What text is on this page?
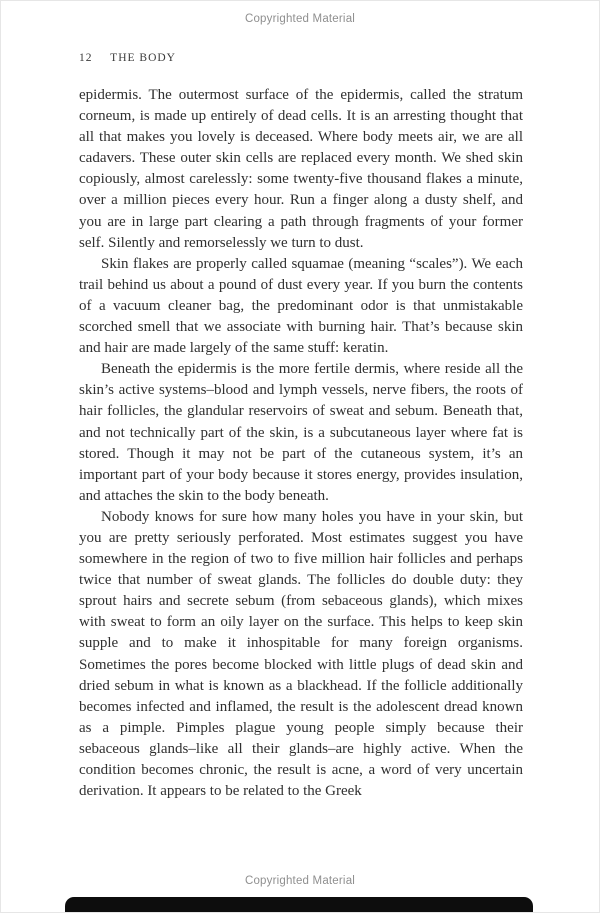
Copyrighted Material
12 THE BODY

epidermis. The outermost surface of the epidermis, called the stratum corneum, is made up entirely of dead cells. It is an arresting thought that all that makes you lovely is deceased. Where body meets air, we are all cadavers. These outer skin cells are replaced every month. We shed skin copiously, almost carelessly: some twenty-five thousand flakes a minute, over a million pieces every hour. Run a finger along a dusty shelf, and you are in large part clearing a path through fragments of your former self. Silently and remorselessly we turn to dust.

Skin flakes are properly called squamae (meaning “scales”). We each trail behind us about a pound of dust every year. If you burn the contents of a vacuum cleaner bag, the predominant odor is that unmistakable scorched smell that we associate with burning hair. That’s because skin and hair are made largely of the same stuff: keratin.

Beneath the epidermis is the more fertile dermis, where reside all the skin’s active systems–blood and lymph vessels, nerve fibers, the roots of hair follicles, the glandular reservoirs of sweat and sebum. Beneath that, and not technically part of the skin, is a subcutaneous layer where fat is stored. Though it may not be part of the cutaneous system, it’s an important part of your body because it stores energy, provides insulation, and attaches the skin to the body beneath.

Nobody knows for sure how many holes you have in your skin, but you are pretty seriously perforated. Most estimates suggest you have somewhere in the region of two to five million hair follicles and perhaps twice that number of sweat glands. The follicles do double duty: they sprout hairs and secrete sebum (from sebaceous glands), which mixes with sweat to form an oily layer on the surface. This helps to keep skin supple and to make it inhospitable for many foreign organisms. Sometimes the pores become blocked with little plugs of dead skin and dried sebum in what is known as a blackhead. If the follicle additionally becomes infected and inflamed, the result is the adolescent dread known as a pimple. Pimples plague young people simply because their sebaceous glands–like all their glands–are highly active. When the condition becomes chronic, the result is acne, a word of very uncertain derivation. It appears to be related to the Greek

Copyrighted Material
